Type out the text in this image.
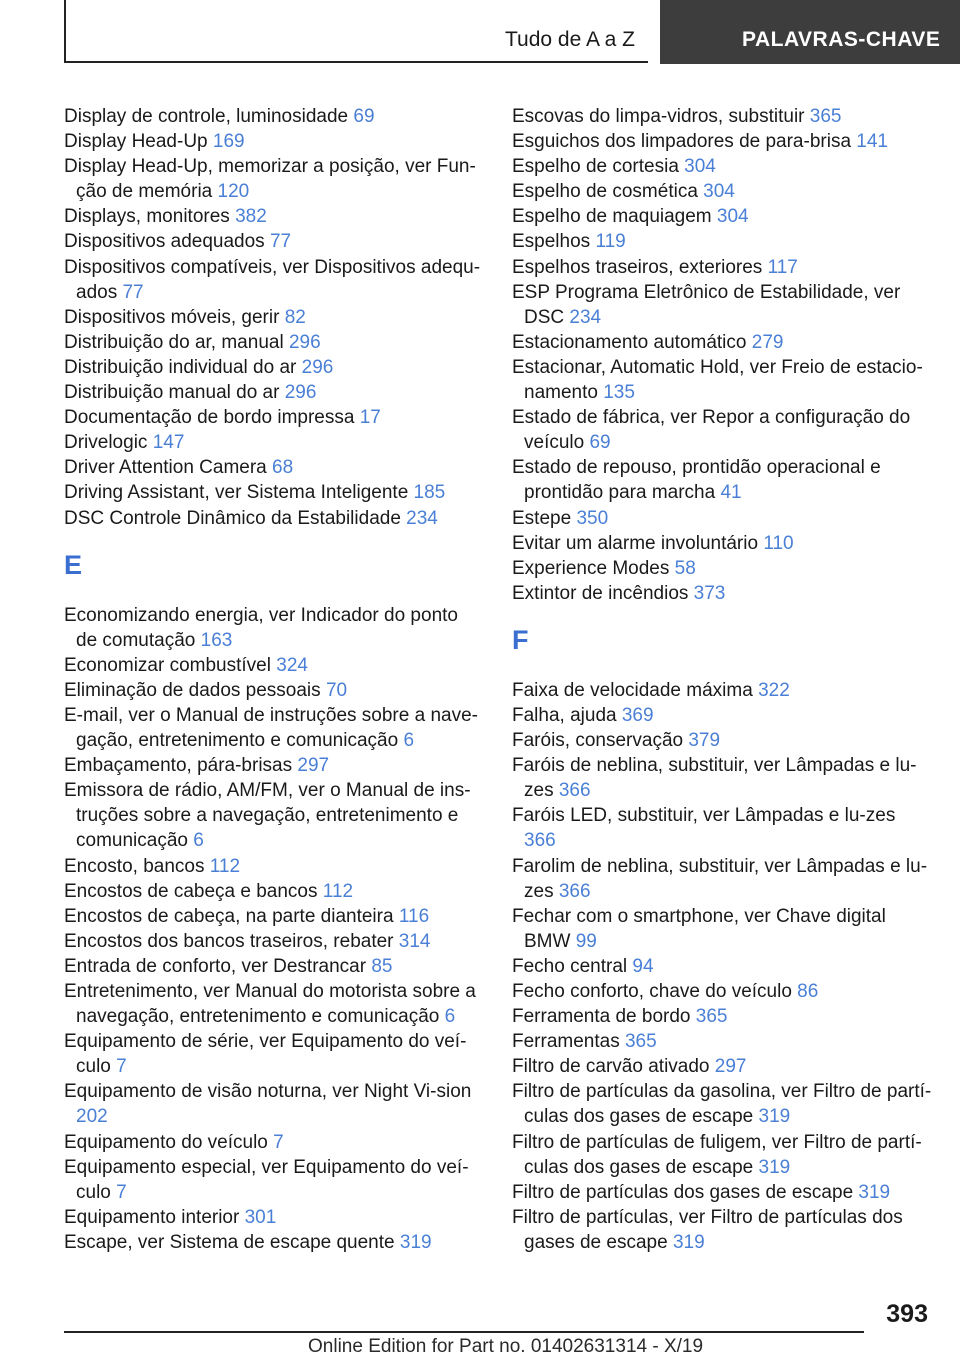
Tudo de A a Z	PALAVRAS-CHAVE
Display de controle, luminosidade 69
Display Head-Up 169
Display Head-Up, memorizar a posição, ver Fun-ção de memória 120
Displays, monitores 382
Dispositivos adequados 77
Dispositivos compatíveis, ver Dispositivos adequ-ados 77
Dispositivos móveis, gerir 82
Distribuição do ar, manual 296
Distribuição individual do ar 296
Distribuição manual do ar 296
Documentação de bordo impressa 17
Drivelogic 147
Driver Attention Camera 68
Driving Assistant, ver Sistema Inteligente 185
DSC Controle Dinâmico da Estabilidade 234
E
Economizando energia, ver Indicador do ponto de comutação 163
Economizar combustível 324
Eliminação de dados pessoais 70
E-mail, ver o Manual de instruções sobre a nave-gação, entretenimento e comunicação 6
Embaçamento, pára-brisas 297
Emissora de rádio, AM/FM, ver o Manual de ins-truções sobre a navegação, entretenimento e comunicação 6
Encosto, bancos 112
Encostos de cabeça e bancos 112
Encostos de cabeça, na parte dianteira 116
Encostos dos bancos traseiros, rebater 314
Entrada de conforto, ver Destrancar 85
Entretenimento, ver Manual do motorista sobre a navegação, entretenimento e comunicação 6
Equipamento de série, ver Equipamento do veí-culo 7
Equipamento de visão noturna, ver Night Vi-sion 202
Equipamento do veículo 7
Equipamento especial, ver Equipamento do veí-culo 7
Equipamento interior 301
Escape, ver Sistema de escape quente 319
Escovas do limpa-vidros, substituir 365
Esguichos dos limpadores de para-brisa 141
Espelho de cortesia 304
Espelho de cosmética 304
Espelho de maquiagem 304
Espelhos 119
Espelhos traseiros, exteriores 117
ESP Programa Eletrônico de Estabilidade, ver DSC 234
Estacionamento automático 279
Estacionar, Automatic Hold, ver Freio de estacio-namento 135
Estado de fábrica, ver Repor a configuração do veículo 69
Estado de repouso, prontidão operacional e prontidão para marcha 41
Estepe 350
Evitar um alarme involuntário 110
Experience Modes 58
Extintor de incêndios 373
F
Faixa de velocidade máxima 322
Falha, ajuda 369
Faróis, conservação 379
Faróis de neblina, substituir, ver Lâmpadas e lu-zes 366
Faróis LED, substituir, ver Lâmpadas e lu-zes 366
Farolim de neblina, substituir, ver Lâmpadas e lu-zes 366
Fechar com o smartphone, ver Chave digital BMW 99
Fecho central 94
Fecho conforto, chave do veículo 86
Ferramenta de bordo 365
Ferramentas 365
Filtro de carvão ativado 297
Filtro de partículas da gasolina, ver Filtro de partí-culas dos gases de escape 319
Filtro de partículas de fuligem, ver Filtro de partí-culas dos gases de escape 319
Filtro de partículas dos gases de escape 319
Filtro de partículas, ver Filtro de partículas dos gases de escape 319
393
Online Edition for Part no. 01402631314 - X/19
